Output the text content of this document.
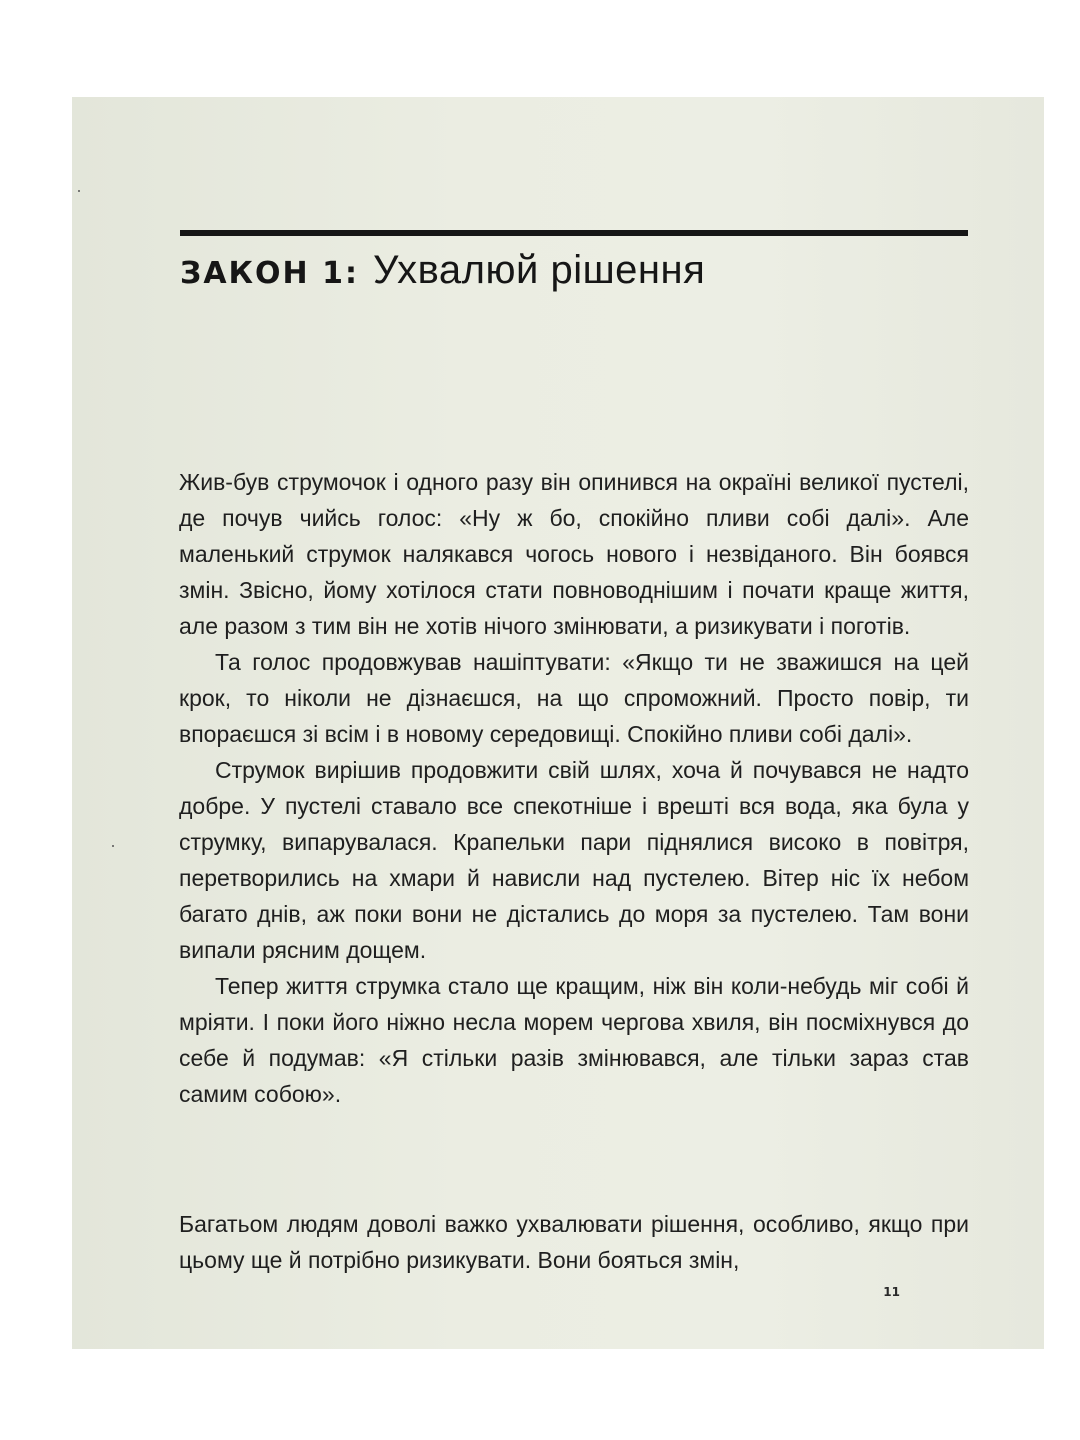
ЗАКОН 1: Ухвалюй рішення

Жив-був струмочок і одного разу він опинився на окраїні великої пустелі, де почув чийсь голос: «Ну ж бо, спокійно пливи собі далі». Але маленький струмок налякався чогось нового і незвіданого. Він боявся змін. Звісно, йому хотілося стати повноводнішим і почати краще життя, але разом з тим він не хотів нічого змінювати, а ризикувати і поготів.

Та голос продовжував нашіптувати: «Якщо ти не зважишся на цей крок, то ніколи не дізнаєшся, на що спроможний. Просто повір, ти впораєшся зі всім і в новому середовищі. Спокійно пливи собі далі».

Струмок вирішив продовжити свій шлях, хоча й почувався не надто добре. У пустелі ставало все спекотніше і врешті вся вода, яка була у струмку, випарувалася. Крапельки пари піднялися високо в повітря, перетворились на хмари й нависли над пустелею. Вітер ніс їх небом багато днів, аж поки вони не дістались до моря за пустелею. Там вони випали рясним дощем.

Тепер життя струмка стало ще кращим, ніж він коли-небудь міг собі й мріяти. І поки його ніжно несла морем чергова хвиля, він посміхнувся до себе й подумав: «Я стільки разів змінювався, але тільки зараз став самим собою».

Багатьом людям доволі важко ухвалювати рішення, особливо, якщо при цьому ще й потрібно ризикувати. Вони бояться змін,

11
